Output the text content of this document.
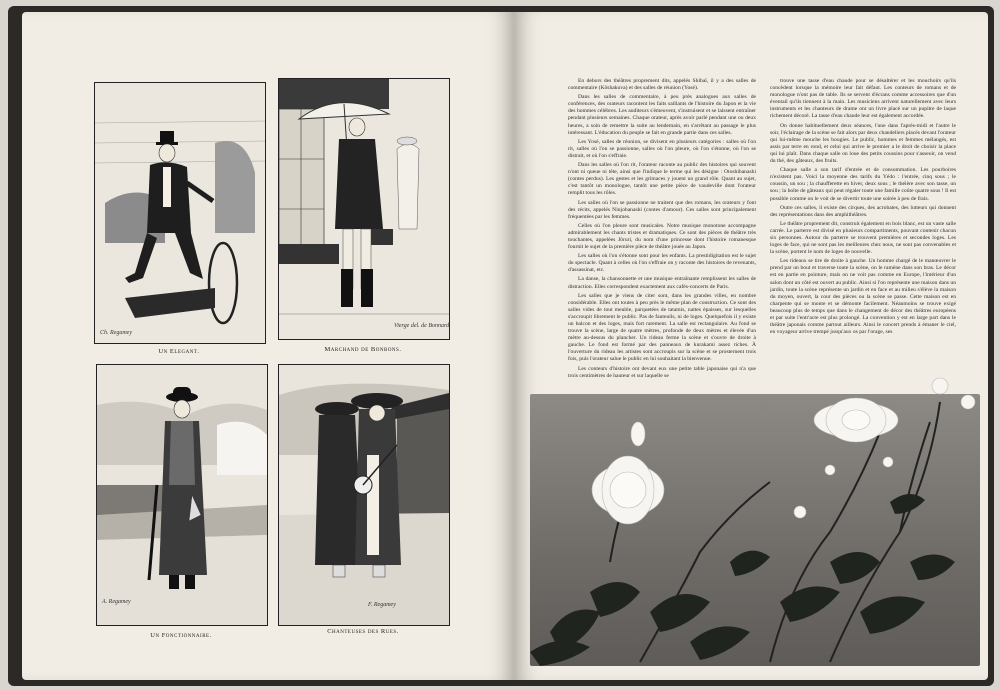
Ch. Regamey
Un Elegant.
Vierge del. de Bonnard
Marchand de Bonbons.
A. Regamey
Un Fonctionnaire.
F. Regamey
Chanteuses des Rues.

En dehors des théâtres proprement dits, appelés Shibaï, il y a des salles de commentaire (Kôshakuva) et des salles de réunion (Yosé).

Dans les salles de commentaire, à peu près analogues aux salles de conférences, des orateurs racontent les faits saillants de l'histoire du Japon et la vie des hommes célèbres. Les auditeurs s'émeuvent, s'instruisent et se laissent entraîner pendant plusieurs semaines. Chaque orateur, après avoir parlé pendant une ou deux heures, a soin de remettre la suite au lendemain, en s'arrêtant au passage le plus intéressant. L'éducation du peuple se fait en grande partie dans ces salles.

Les Yosé, salles de réunion, se divisent en plusieurs catégories : salles où l'on rit, salles où l'on se passionne, salles où l'on pleure, où l'on s'étonne, où l'on se distrait, et où l'on s'effraie.

Dans les salles où l'on rit, l'orateur raconte au public des histoires qui souvent n'ont ni queue ni tête, ainsi que l'indique le terme qui les désigne : Otoshibanashi (contes perdus). Les gestes et les grimaces y jouent un grand rôle. Quant au sujet, c'est tantôt un monologue, tantôt une petite pièce de vaudeville dont l'orateur remplit tous les rôles.

Les salles où l'on se passionne ne traitent que des romans, les orateurs y font des récits, appelés Ninjobanashi (contes d'amour). Ces salles sont principalement fréquentées par les femmes.

Celles où l'on pleure sont musicales. Notre musique monotone accompagne admirablement les chants tristes et dramatiques. Ce sont des pièces de théâtre très touchantes, appelées Jôruri, du nom d'une princesse dont l'histoire romanesque fournit le sujet de la première pièce de théâtre jouée au Japon.

Les salles où l'on s'étonne sont pour les enfants. La prestidigitation est le sujet du spectacle. Quant à celles où l'on s'effraie on y raconte des histoires de revenants, d'assassinat, etc.

La danse, la chansonnette et une musique entraînante remplissent les salles de distraction. Elles correspondent exactement aux cafés-concerts de Paris.

Les salles que je viens de citer sont, dans les grandes villes, en nombre considérable. Elles ont toutes à peu près le même plan de construction. Ce sont des salles vides de tout meuble, parquetées de tatamis, nattes épaisses, sur lesquelles s'accroupit librement le public. Pas de fauteuils, ni de loges. Quelquefois il y existe un balcon et des loges, mais fort rarement. La salle est rectangulaire. Au fond se trouve la scène, large de quatre mètres, profonde de deux mètres et élevée d'un mètre au-dessus du plancher. Un rideau ferme la scène et s'ouvre de droite à gauche. Le fond est formé par des panneaux de kurakami assez riches. À l'ouverture du rideau les artistes sont accroupis sur la scène et se prosternent trois fois, puis l'orateur salue le public en lui souhaitant la bienvenue.

Les conteurs d'histoire ont devant eux une petite table japonaise qui n'a que trois centimètres de hauteur et sur laquelle se

trouve une tasse d'eau chaude pour se désaltérer et les mouchoirs qu'ils concèdent lorsque la mémoire leur fait défaut. Les conteurs de romans et de monologue n'ont pas de table. Ils se servent d'écrans comme accessoires que d'un éventail qu'ils tiennent à la main. Les musiciens arrivent naturellement avec leurs instruments et les chanteurs de drame ont un livre placé sur un pupitre de laque richement décoré. La tasse d'eau chaude leur est également accordée.

On donne habituellement deux séances, l'une dans l'après-midi et l'autre le soir, l'éclairage de la scène se fait alors par deux chandeliers placés devant l'orateur qui lui-même mouche les bougies. Le public, hommes et femmes mélangés, est assis par terre en rond, et celui qui arrive le premier a le droit de choisir la place qui lui plaît. Dans chaque salle on loue des petits coussins pour s'asseoir, on vend du thé, des gâteaux, des fruits.

Chaque salle a son tarif d'entrée et de consommation. Les pourboires n'existent pas. Voici la moyenne des tarifs du Yédo : l'entrée, cinq sous ; le coussin, un sou ; la chaufferette en hiver, deux sous ; le théière avec son tasse, un sou ; la boîte de gâteaux qui peut régaler toute une famille coûte quatre sous ! Il est possible comme on le voit de se divertir toute une soirée à peu de frais.

Outre ces salles, il existe des cirques, des acrobates, des lutteurs qui donnent des représentations dans des amphithéâtres.

Le théâtre proprement dit, construit également en bois blanc, est un vaste salle carrée. Le parterre est divisé en plusieurs compartiments, pouvant contenir chacun six personnes. Autour du parterre se trouvent premières et secondes loges. Les loges de face, qui ne sont pas les meilleures chez nous, ne sont pas convenables et la scène, portent le nom de loges de nouvelle.

Les rideaux se tire de droite à gauche. Un homme chargé de le manœuvrer le prend par un bout et traverse toute la scène, on le ramène dans son bras. Le décor est en partie en pointure, mais on ne voit pas comme en Europe, l'intérieur d'un salon dont un côté est ouvert au public. Ainsi si l'on représente une maison dans un jardin, toute la scène représente un jardin et en face et au milieu s'élève la maison du moyen, ouvert, la cour des pièces ou la scène se passe. Cette maison est en charpente qui se monte et se démonte facilement. Néanmoins se trouve exigé beaucoup plus de temps que dans le changement de décor des théâtres européens et par suite l'entr'acte est plus prolongé. La convention y est en large part dans le théâtre japonais comme partout ailleurs. Ainsi le concert prends à émaner le ciel, en voyageur arrive trempé jusqu'aux os par l'orage, ses
